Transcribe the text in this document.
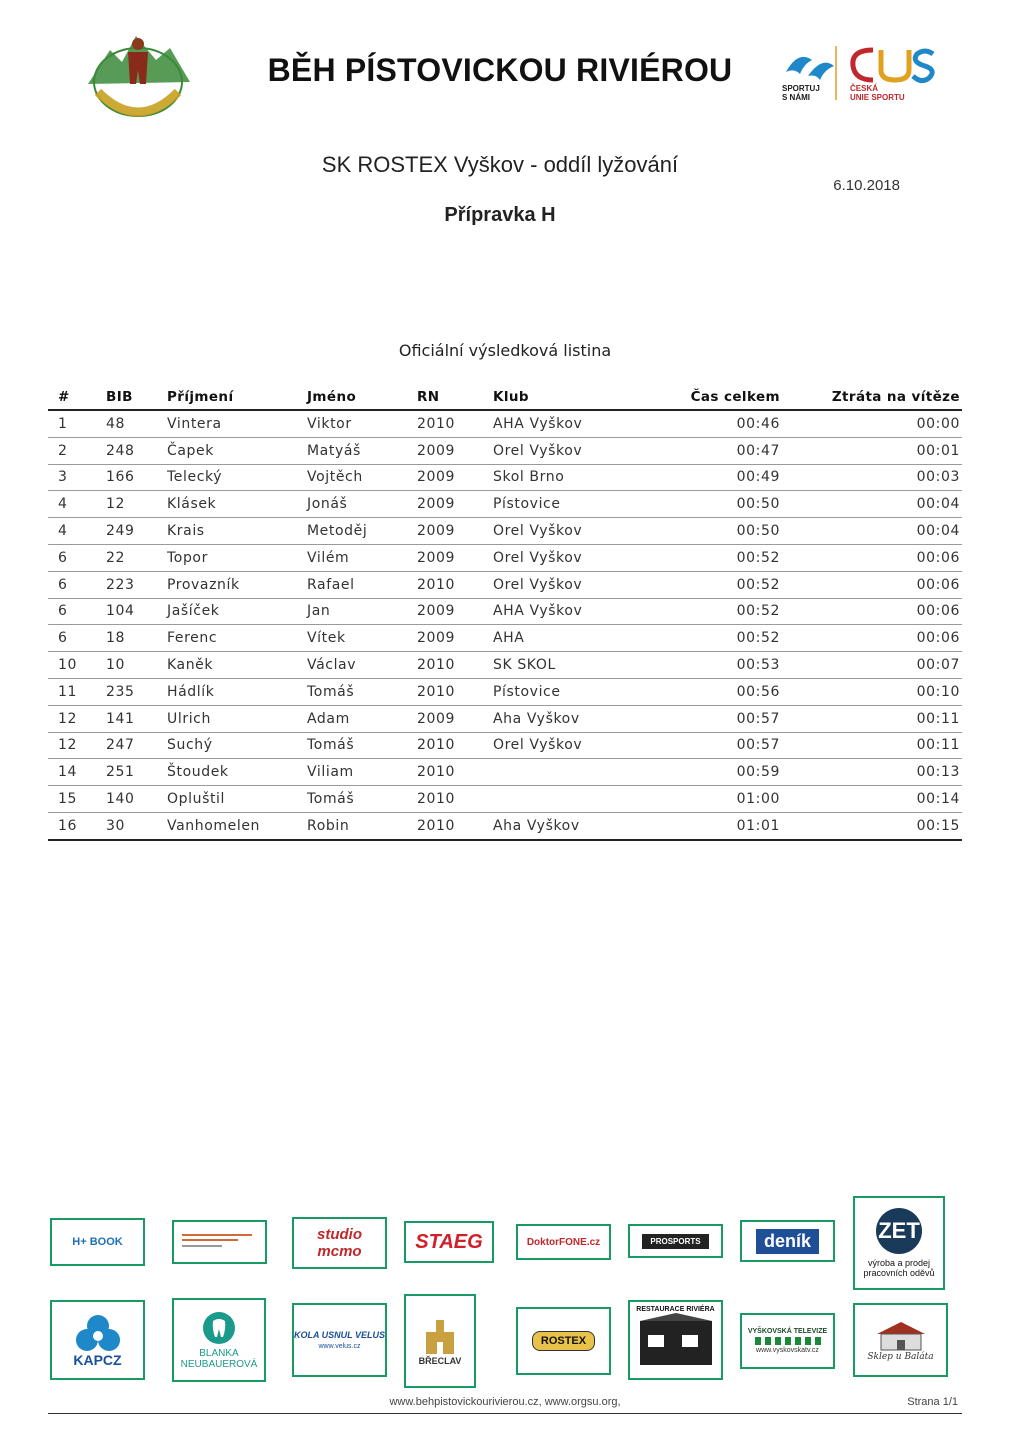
BĚH PÍSTOVICKOU RIVIÉROU
SPORTUJ
S NÁMI
ČESKÁ
UNIE SPORTU
SK ROSTEX Vyškov - oddíl lyžování
6.10.2018
Přípravka H
Oficiální výsledková listina
#	BIB	Příjmení	Jméno	RN	Klub	Čas celkem	Ztráta na vítěze
1	48	Vintera	Viktor	2010	AHA Vyškov	00:46	00:00
2	248	Čapek	Matyáš	2009	Orel Vyškov	00:47	00:01
3	166	Telecký	Vojtěch	2009	Skol Brno	00:49	00:03
4	12	Klásek	Jonáš	2009	Pístovice	00:50	00:04
4	249	Krais	Metoděj	2009	Orel Vyškov	00:50	00:04
6	22	Topor	Vilém	2009	Orel Vyškov	00:52	00:06
6	223	Provazník	Rafael	2010	Orel Vyškov	00:52	00:06
6	104	Jašíček	Jan	2009	AHA Vyškov	00:52	00:06
6	18	Ferenc	Vítek	2009	AHA	00:52	00:06
10	10	Kaněk	Václav	2010	SK SKOL	00:53	00:07
11	235	Hádlík	Tomáš	2010	Pístovice	00:56	00:10
12	141	Ulrich	Adam	2009	Aha Vyškov	00:57	00:11
12	247	Suchý	Tomáš	2010	Orel Vyškov	00:57	00:11
14	251	Štoudek	Viliam	2010		00:59	00:13
15	140	Opluštil	Tomáš	2010		01:00	00:14
16	30	Vanhomelen	Robin	2010	Aha Vyškov	01:01	00:15
H+ BOOK	studio mcmo	STAEG	DoktorFONE.cz	PROSPORTS	deník	ZET
výroba a prodej pracovních oděvů
KAPCZ	BLANKA NEUBAUEROVÁ
KOLA USNUL VELUS
www.velus.cz
BŘECLAV
ROSTEX
RESTAURACE RIVIÉRA
VYŠKOVSKÁ TELEVIZE
www.vyskovskatv.cz
Sklep u Baláta
www.behpistovickourivierou.cz, www.orgsu.org,	Strana 1/1
